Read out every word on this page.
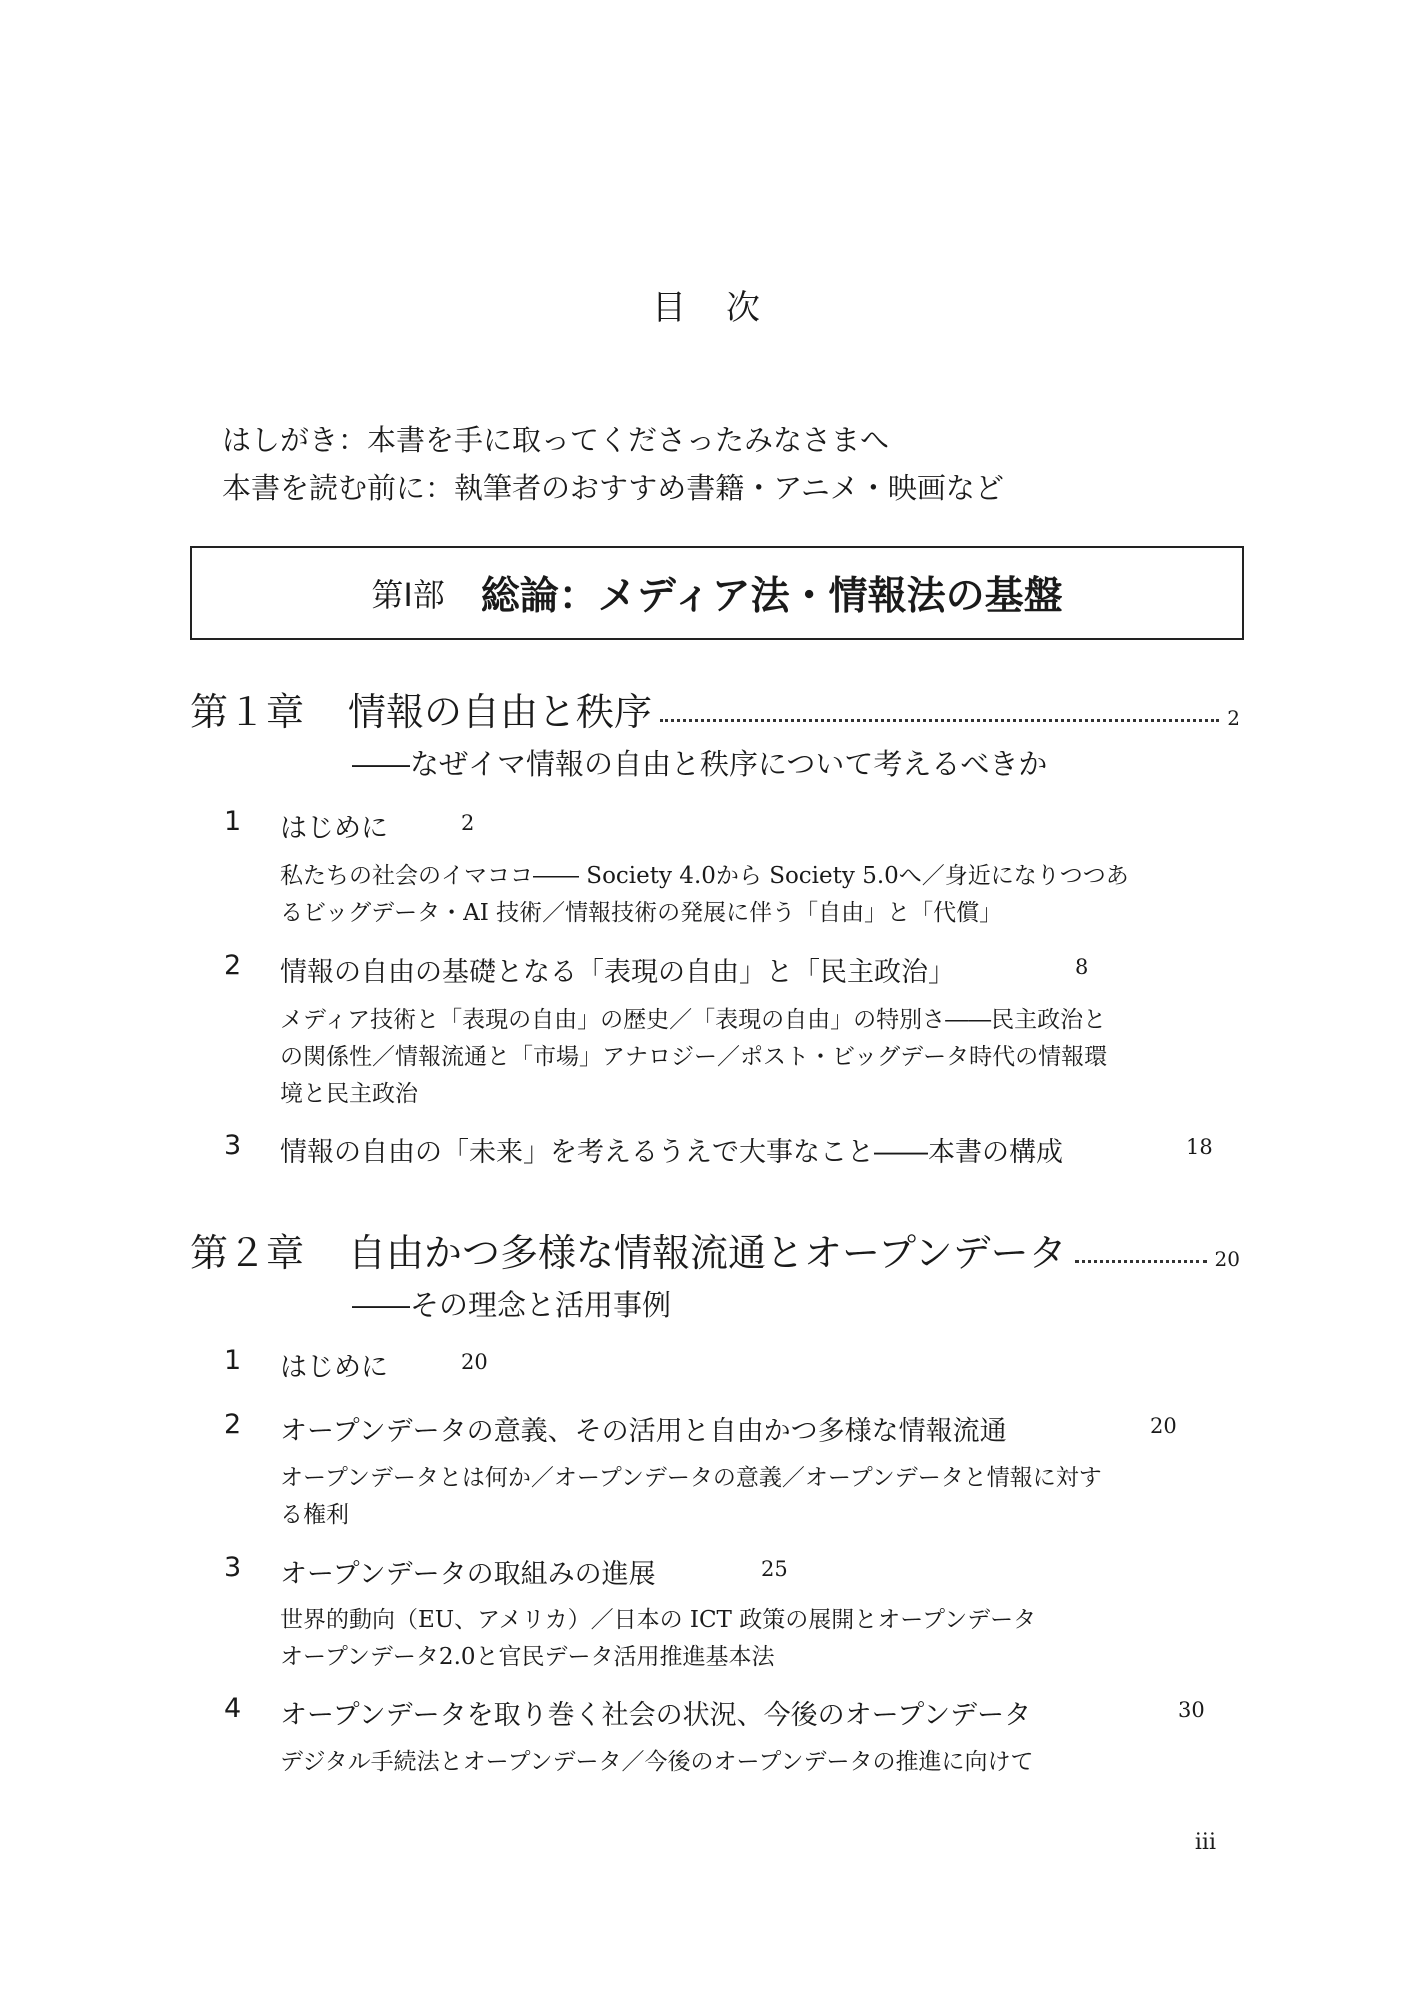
目次
はしがき：本書を手に取ってくださったみなさまへ
本書を読む前に：執筆者のおすすめ書籍・アニメ・映画など
第Ⅰ部 総論：メディア法・情報法の基盤
第１章 情報の自由と秩序	2
――なぜイマ情報の自由と秩序について考えるべきか
1 はじめに	2
私たちの社会のイマココ―― Society 4.0から Society 5.0へ／身近になりつつあ
るビッグデータ・AI 技術／情報技術の発展に伴う「自由」と「代償」
2 情報の自由の基礎となる「表現の自由」と「民主政治」	8
メディア技術と「表現の自由」の歴史／「表現の自由」の特別さ――民主政治と
の関係性／情報流通と「市場」アナロジー／ポスト・ビッグデータ時代の情報環
境と民主政治
3 情報の自由の「未来」を考えるうえで大事なこと――本書の構成	18
第２章 自由かつ多様な情報流通とオープンデータ	20
――その理念と活用事例
1 はじめに	20
2 オープンデータの意義、その活用と自由かつ多様な情報流通	20
オープンデータとは何か／オープンデータの意義／オープンデータと情報に対す
る権利
3 オープンデータの取組みの進展	25
世界的動向（EU、アメリカ）／日本の ICT 政策の展開とオープンデータ
オープンデータ2.0と官民データ活用推進基本法
4 オープンデータを取り巻く社会の状況、今後のオープンデータ	30
デジタル手続法とオープンデータ／今後のオープンデータの推進に向けて
iii
